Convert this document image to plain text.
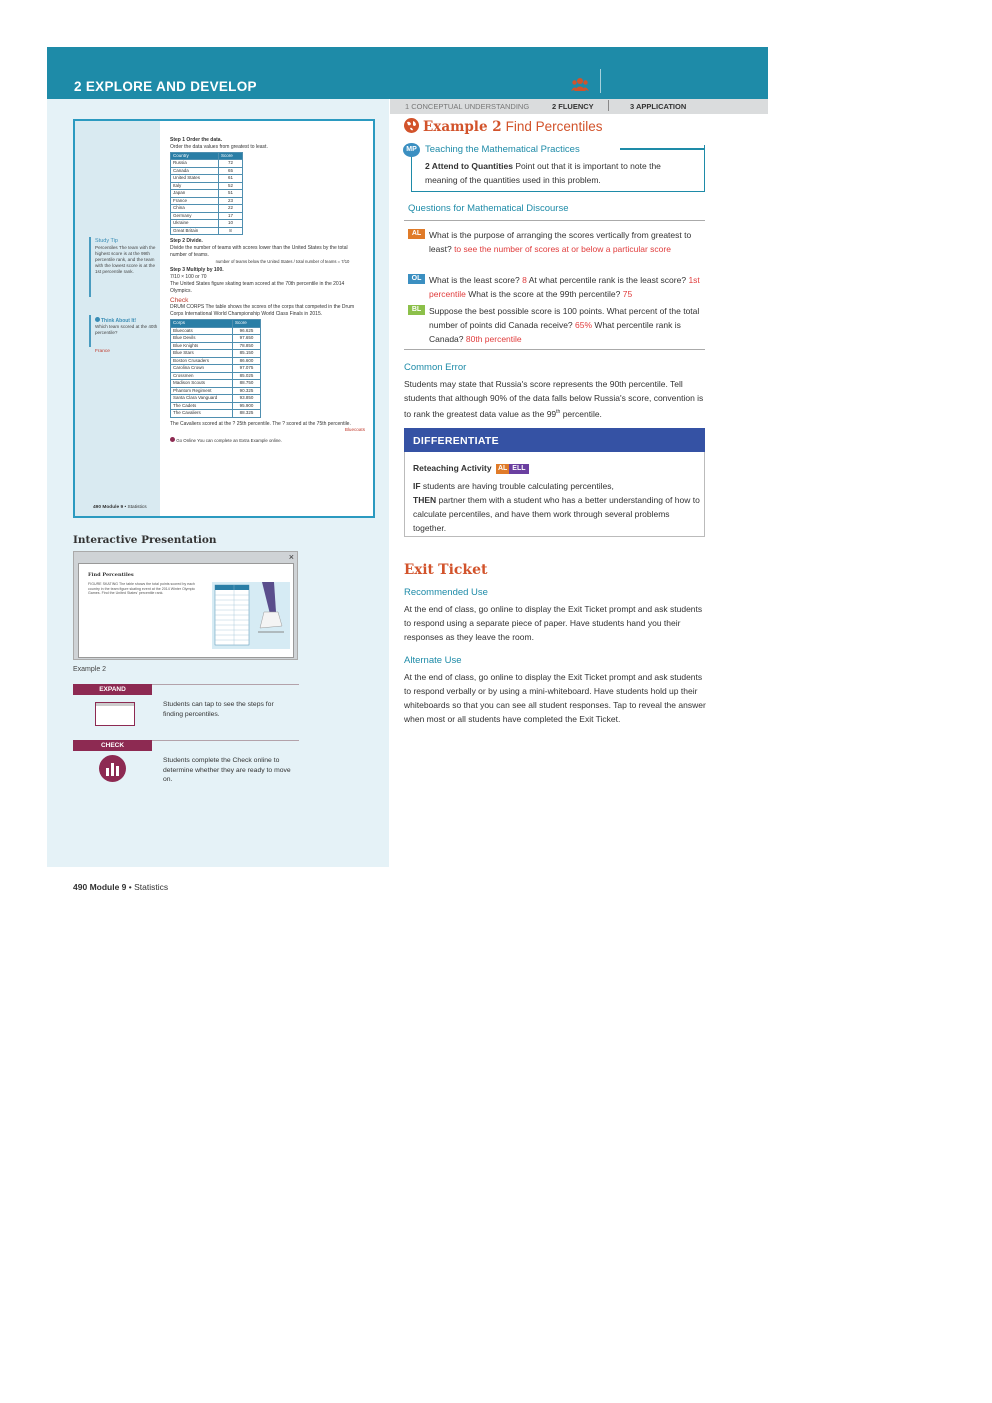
2 EXPLORE AND DEVELOP
1 CONCEPTUAL UNDERSTANDING	2 FLUENCY	3 APPLICATION
Study Tip
Percentiles The team with the highest score is at the 99th percentile rank, and the team with the lowest score is at the 1st percentile rank.
Think About It!
Which team scored at the 40th percentile?
France
Step 1 Order the data.
Order the data values from greatest to least.
Country	Score
Russia	72
Canada	65
United States	61
Italy	52
Japan	51
France	23
China	22
Germany	17
Ukraine	10
Great Britain	8
Step 2 Divide.
Divide the number of teams with scores lower than the United States by the total number of teams.
number of teams below the United States / total number of teams = 7/10
Step 3 Multiply by 100.
7/10 × 100 or 70
The United States figure skating team scored at the 70th percentile in the 2014 Olympics.
Check
DRUM CORPS The table shows the scores of the corps that competed in the Drum Corps International World Championship World Class Finals in 2015.
Corps	Score
Bluecoats	96.625
Blue Devils	97.650
Blue Knights	78.850
Blue Stars	85.150
Boston Crusaders	86.600
Carolina Crown	97.075
Crossmen	85.025
Madison Scouts	88.750
Phantom Regiment	90.325
Santa Clara Vanguard	93.850
The Cadets	95.900
The Cavaliers	88.325
The Cavaliers scored at the ? 25th percentile. The ? scored at the 75th percentile.
Bluecoats
Go Online You can complete an Extra Example online.
490 Module 9 • Statistics
Interactive Presentation
×
Find Percentiles
FIGURE SKATING The table shows the total points scored by each country in the team figure skating event at the 2014 Winter Olympic Games. Find the United States' percentile rank.
Example 2
EXPAND
Students can tap to see the steps for finding percentiles.
CHECK
Students complete the Check online to determine whether they are ready to move on.
490 Module 9 • Statistics
Example 2 Find Percentiles
MP Teaching the Mathematical Practices
2 Attend to Quantities Point out that it is important to note the meaning of the quantities used in this problem.
Questions for Mathematical Discourse
AL What is the purpose of arranging the scores vertically from greatest to least? to see the number of scores at or below a particular score
OL What is the least score? 8 At what percentile rank is the least score? 1st percentile What is the score at the 99th percentile? 75
BL Suppose the best possible score is 100 points. What percent of the total number of points did Canada receive? 65% What percentile rank is Canada? 80th percentile
Common Error
Students may state that Russia's score represents the 90th percentile. Tell students that although 90% of the data falls below Russia's score, convention is to rank the greatest data value as the 99th percentile.
DIFFERENTIATE
Reteaching Activity AL ELL
IF students are having trouble calculating percentiles,
THEN partner them with a student who has a better understanding of how to calculate percentiles, and have them work through several problems together.
Exit Ticket
Recommended Use
At the end of class, go online to display the Exit Ticket prompt and ask students to respond using a separate piece of paper. Have students hand you their responses as they leave the room.
Alternate Use
At the end of class, go online to display the Exit Ticket prompt and ask students to respond verbally or by using a mini-whiteboard. Have students hold up their whiteboards so that you can see all student responses. Tap to reveal the answer when most or all students have completed the Exit Ticket.
